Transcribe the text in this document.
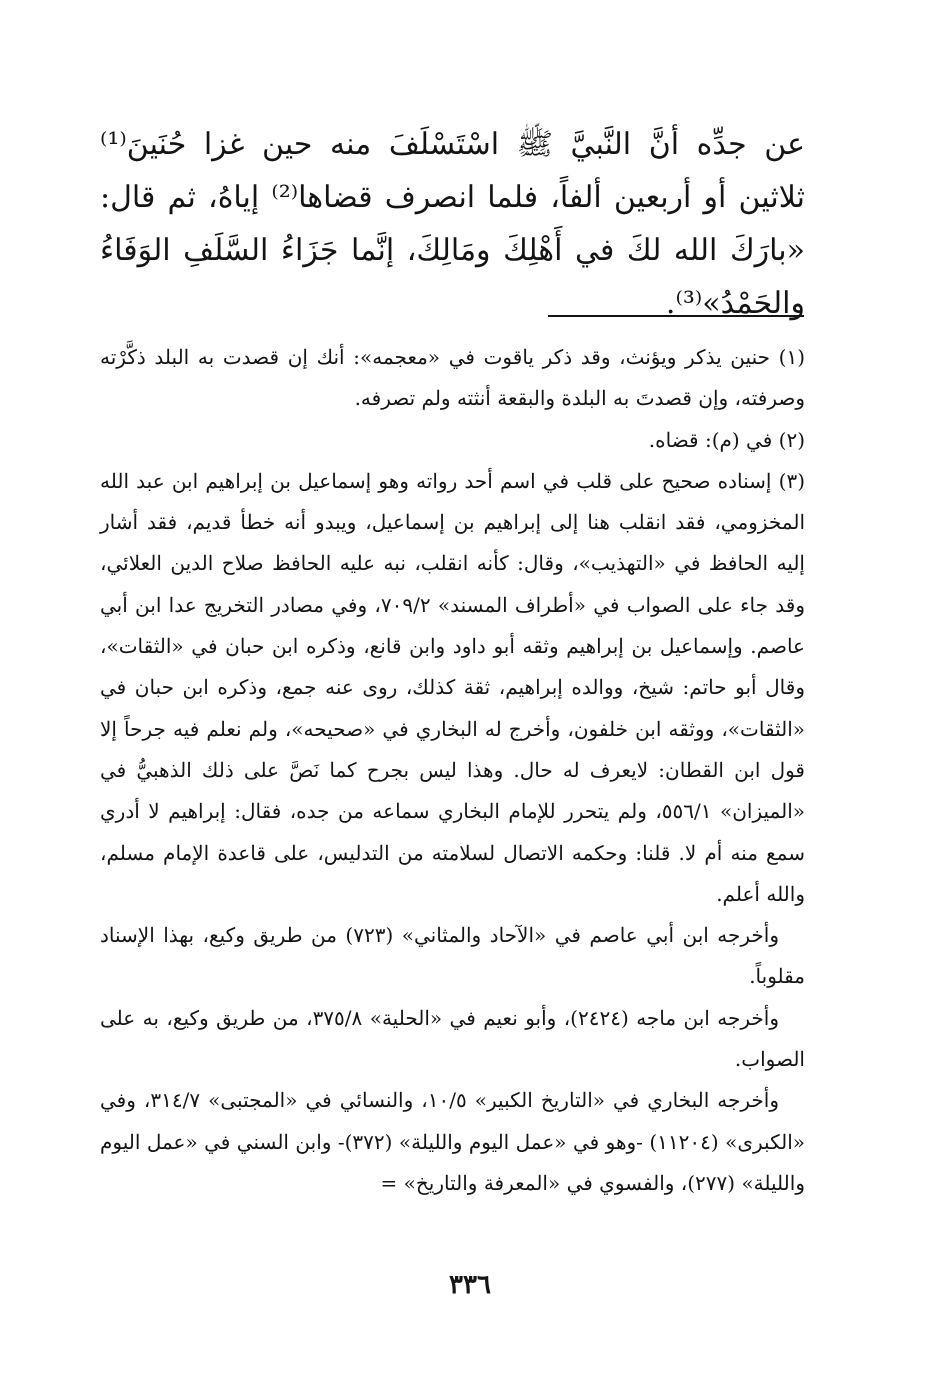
عن جدِّه أنَّ النَّبيَّ ﷺ اسْتَسْلَفَ منه حين غزا حُنَينَ⁽¹⁾ ثلاثين أو أربعين ألفاً، فلما انصرف قضاها⁽²⁾ إياهُ، ثم قال: «بارَكَ الله لكَ في أَهْلِكَ ومَالِكَ، إنَّما جَزَاءُ السَّلَفِ الوَفَاءُ والحَمْدُ»⁽³⁾.

(١) حنين يذكر ويؤنث، وقد ذكر ياقوت في «معجمه»: أنك إن قصدت به البلد ذكَّرْته وصرفته، وإن قصدتَ به البلدة والبقعة أنثته ولم تصرفه.

(٢) في (م): قضاه.

(٣) إسناده صحيح على قلب في اسم أحد رواته وهو إسماعيل بن إبراهيم ابن عبد الله المخزومي، فقد انقلب هنا إلى إبراهيم بن إسماعيل، ويبدو أنه خطأ قديم، فقد أشار إليه الحافظ في «التهذيب»، وقال: كأنه انقلب، نبه عليه الحافظ صلاح الدين العلائي، وقد جاء على الصواب في «أطراف المسند» ٧٠٩/٢، وفي مصادر التخريج عدا ابن أبي عاصم. وإسماعيل بن إبراهيم وثقه أبو داود وابن قانع، وذكره ابن حبان في «الثقات»، وقال أبو حاتم: شيخ، ووالده إبراهيم، ثقة كذلك، روى عنه جمع، وذكره ابن حبان في «الثقات»، ووثقه ابن خلفون، وأخرج له البخاري في «صحيحه»، ولم نعلم فيه جرحاً إلا قول ابن القطان: لايعرف له حال. وهذا ليس بجرح كما نَصَّ على ذلك الذهبيُّ في «الميزان» ٥٥٦/١، ولم يتحرر للإمام البخاري سماعه من جده، فقال: إبراهيم لا أدري سمع منه أم لا. قلنا: وحكمه الاتصال لسلامته من التدليس، على قاعدة الإمام مسلم، والله أعلم.

وأخرجه ابن أبي عاصم في «الآحاد والمثاني» (٧٢٣) من طريق وكيع، بهذا الإسناد مقلوباً.

وأخرجه ابن ماجه (٢٤٢٤)، وأبو نعيم في «الحلية» ٣٧٥/٨، من طريق وكيع، به على الصواب.

وأخرجه البخاري في «التاريخ الكبير» ١٠/٥، والنسائي في «المجتبى» ٣١٤/٧، وفي «الكبرى» (١١٢٠٤) -وهو في «عمل اليوم والليلة» (٣٧٢)- وابن السني في «عمل اليوم والليلة» (٢٧٧)، والفسوي في «المعرفة والتاريخ» =

٣٣٦
